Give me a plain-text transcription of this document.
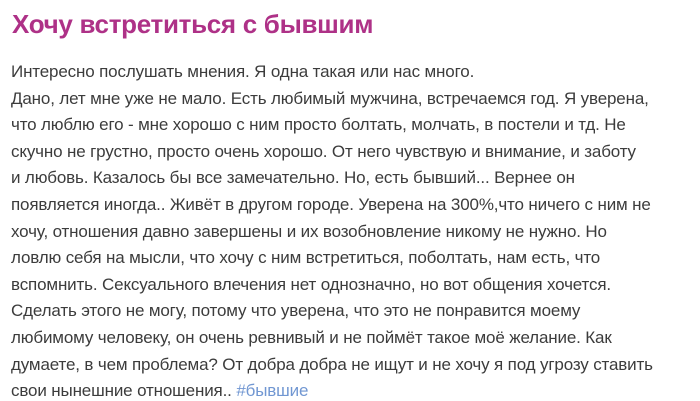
Хочу встретиться с бывшим
Интересно послушать мнения. Я одна такая или нас много.
Дано, лет мне уже не мало. Есть любимый мужчина, встречаемся год. Я уверена,
что люблю его - мне хорошо с ним просто болтать, молчать, в постели и тд. Не
скучно не грустно, просто очень хорошо. От него чувствую и внимание, и заботу
и любовь. Казалось бы все замечательно. Но, есть бывший... Вернее он
появляется иногда.. Живёт в другом городе. Уверена на 300%,что ничего с ним не
хочу, отношения давно завершены и их возобновление никому не нужно. Но
ловлю себя на мысли, что хочу с ним встретиться, поболтать, нам есть, что
вспомнить. Сексуального влечения нет однозначно, но вот общения хочется.
Сделать этого не могу, потому что уверена, что это не понравится моему
любимому человеку, он очень ревнивый и не поймёт такое моё желание. Как
думаете, в чем проблема? От добра добра не ищут и не хочу я под угрозу ставить
свои нынешние отношения.. #бывшие
